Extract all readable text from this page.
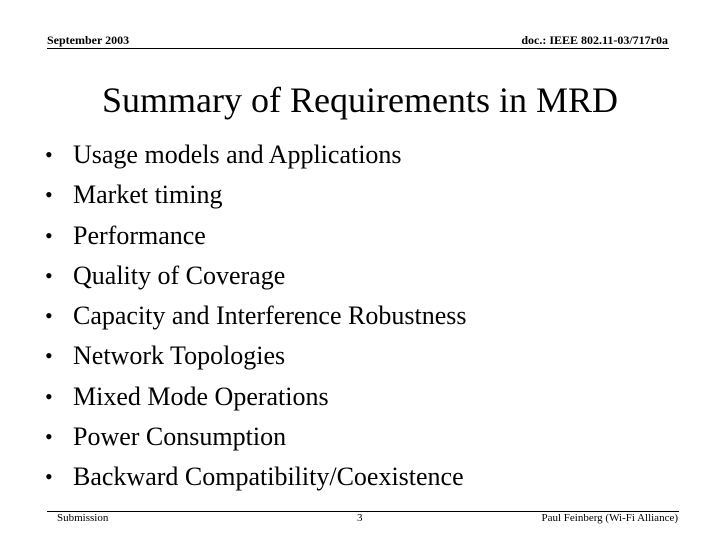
September 2003	doc.: IEEE 802.11-03/717r0a
Summary of Requirements in MRD
• Usage models and Applications
• Market timing
• Performance
• Quality of Coverage
• Capacity and Interference Robustness
• Network Topologies
• Mixed Mode Operations
• Power Consumption
• Backward Compatibility/Coexistence
Submission	3	Paul Feinberg (Wi-Fi Alliance)
